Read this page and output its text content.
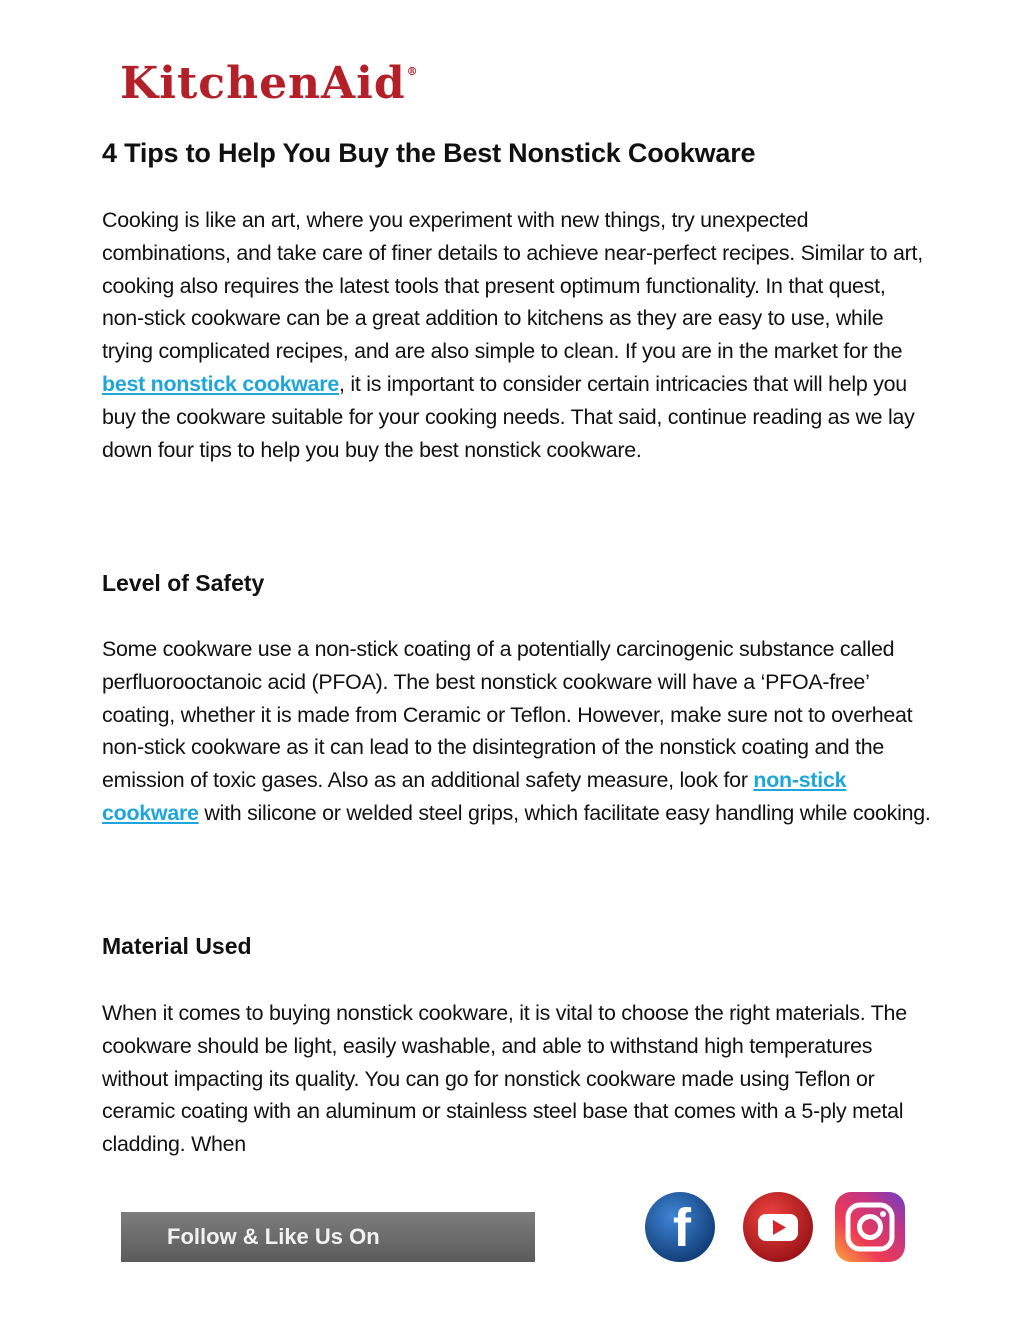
KitchenAid®
4 Tips to Help You Buy the Best Nonstick Cookware

Cooking is like an art, where you experiment with new things, try unexpected combinations, and take care of finer details to achieve near-perfect recipes. Similar to art, cooking also requires the latest tools that present optimum functionality. In that quest, non-stick cookware can be a great addition to kitchens as they are easy to use, while trying complicated recipes, and are also simple to clean. If you are in the market for the best nonstick cookware, it is important to consider certain intricacies that will help you buy the cookware suitable for your cooking needs. That said, continue reading as we lay down four tips to help you buy the best nonstick cookware.

Level of Safety

Some cookware use a non-stick coating of a potentially carcinogenic substance called perfluorooctanoic acid (PFOA). The best nonstick cookware will have a ‘PFOA-free’ coating, whether it is made from Ceramic or Teflon. However, make sure not to overheat non-stick cookware as it can lead to the disintegration of the nonstick coating and the emission of toxic gases. Also as an additional safety measure, look for non-stick cookware with silicone or welded steel grips, which facilitate easy handling while cooking.

Material Used

When it comes to buying nonstick cookware, it is vital to choose the right materials. The cookware should be light, easily washable, and able to withstand high temperatures without impacting its quality. You can go for nonstick cookware made using Teflon or ceramic coating with an aluminum or stainless steel base that comes with a 5-ply metal cladding. When

Follow & Like Us On	f
